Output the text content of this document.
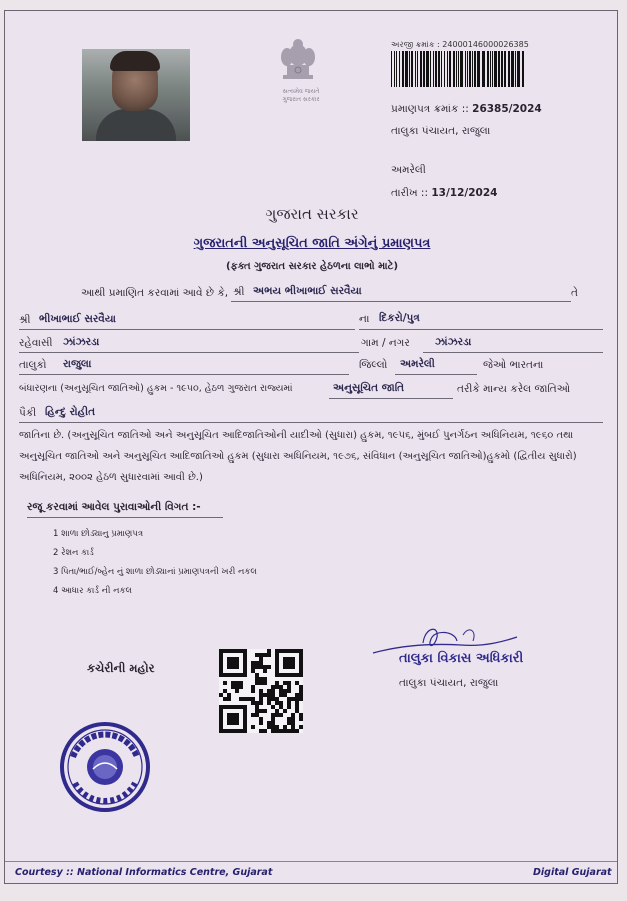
સત્યમેવ જયતે
ગુજરાત સરકાર
અરજી ક્રમાંક : 24000146000026385
પ્રમાણપત્ર ક્રમાંક :: 26385/2024
તાલુકા પંચાયત, રાજુલા
અમરેલી
તારીખ :: 13/12/2024
ગુજરાત સરકાર
ગુજરાતની અનુસૂચિત જાતિ અંગેનું પ્રમાણપત્ર
(ફક્ત ગુજરાત સરકાર હેઠળના લાભો માટે)
આથી પ્રમાણિત કરવામાં આવે છે કે, શ્રી અભય ભીખાભાઈ સરવૈયા	તે
શ્રી ભીખાભાઈ સરવૈયા	ના દિકરો/પુત્ર
રહેવાસી ઝાંઝરડા	ગામ / નગર ઝાંઝરડા
તાલુકો રાજુલા	જિલ્લો અમરેલી	જેઓ ભારતના
બંધારણના (અનુસૂચિત જાતિઓ) હુકમ - ૧૯૫૦, હેઠળ ગુજરાત રાજ્યમાં	અનુસૂચિત જાતિ	તરીકે માન્ય કરેલ જાતિઓ
પૈકી હિન્દુ રોહીત
જાતિના છે. (અનુસૂચિત જાતિઓ અને અનુસૂચિત આદિજાતિઓની યાદીઓ (સુધારા) હુકમ, ૧૯૫૬, મુંબઈ પુનર્ગઠન અધિનિયમ, ૧૯૬૦ તથા અનુસૂચિત જાતિઓ અને અનુસૂચિત આદિજાતિઓ હુકમ (સુધારા અધિનિયમ, ૧૯૭૬, સંવિધાન (અનુસૂચિત જાતિઓ)હુકમો (દ્વિતીય સુધારો) અધિનિયમ, ૨૦૦૨ હેઠળ સુધારવામાં આવી છે.)
રજૂ કરવામાં આવેલ પુરાવાઓની વિગત :-
1 શાળા છોડ્યાનુ પ્રમાણપત્ર
2 રેશન કાર્ડ
3 પિતા/ભાઈ/બ્હેન નું શાળા છોડ્યાનાં પ્રમાણપત્રની ખરી નકલ
4 આધાર કાર્ડ ની નકલ
કચેરીની મહોર
તાલુકા વિકાસ અધિકારી
તાલુકા પંચાયત, રાજુલા
Courtesy :: National Informatics Centre, Gujarat	Digital Gujarat
